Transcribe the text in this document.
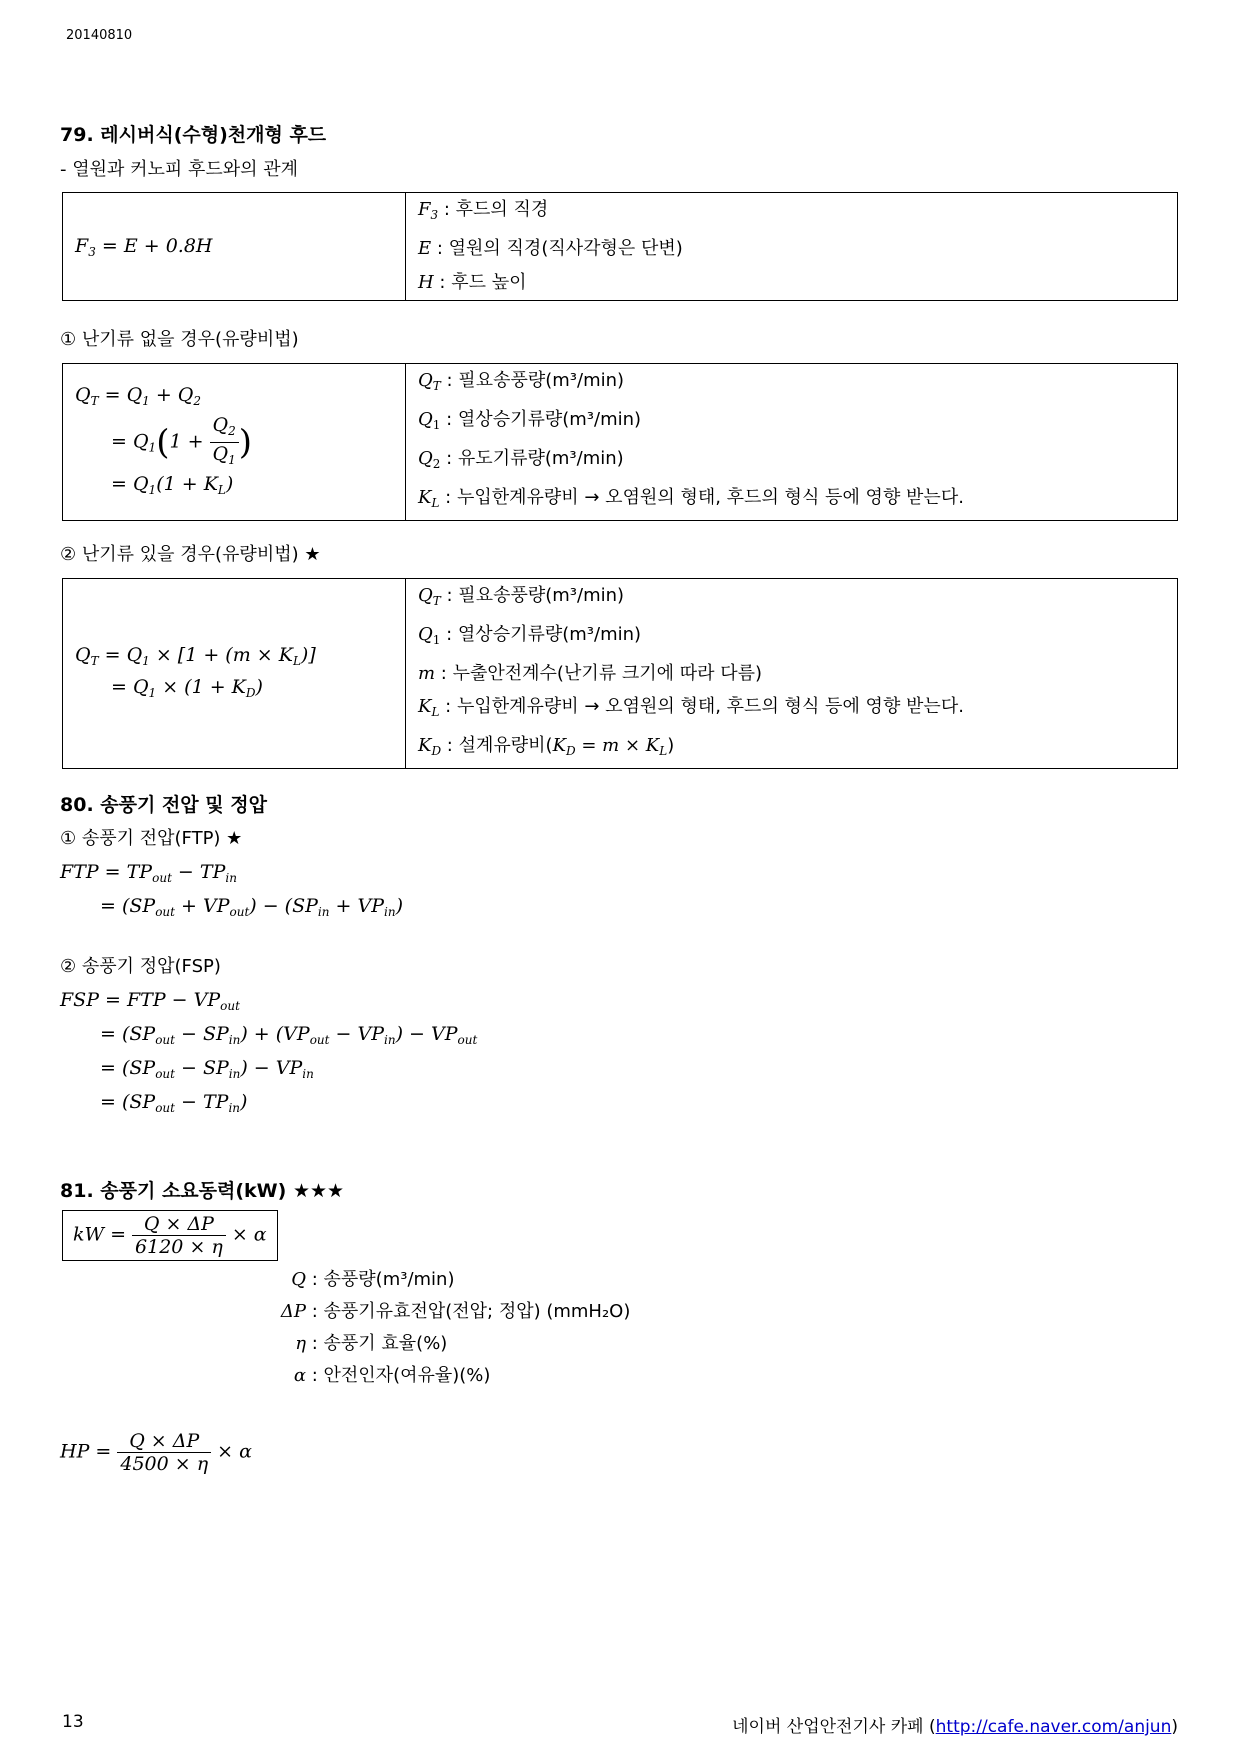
20140810
79. 레시버식(수형)천개형 후드
- 열원과 커노피 후드와의 관계
$F_3 = E + 0.8H$	
$F_3$ : 후드의 직경
E : 열원의 직경(직사각형은 단변)
H : 후드 높이
① 난기류 없을 경우(유량비법)
$Q_T = Q_1 + Q_2$
= $Q_1(1 + \frac{Q_2}{Q_1}$ )
= $Q_1(1 + K_L)$

$Q_T$ : 필요송풍량(m³/min)
$Q_1$ : 열상승기류량(m³/min)
$Q_2$ : 유도기류량(m³/min)
$K_L$ : 누입한계유량비 → 오염원의 형태, 후드의 형식 등에 영향 받는다.
② 난기류 있을 경우(유량비법) ★
$Q_T = Q_1 \times [1 + (m \times K_L)]$
= $Q_1 \times (1 + K_D)$

$Q_T$ : 필요송풍량(m³/min)
$Q_1$ : 열상승기류량(m³/min)
m : 누출안전계수(난기류 크기에 따라 다름)
$K_L$ : 누입한계유량비 → 오염원의 형태, 후드의 형식 등에 영향 받는다.
$K_D$ : 설계유량비$(K_D = m \times K_L)$
80. 송풍기 전압 및 정압
① 송풍기 전압(FTP) ★
FTP = $TP_{out} - TP_{in}$
= $(SP_{out} + VP_{out}) - (SP_{in} + VP_{in})$
② 송풍기 정압(FSP)
FSP = FTP − $VP_{out}$
= $(SP_{out} - SP_{in}) + (VP_{out} - VP_{in}) - VP_{out}$
= $(SP_{out} - SP_{in}) - VP_{in}$
= $(SP_{out} - TP_{in})$
81. 송풍기 소요동력(kW) ★★★
kW = $\frac{Q \times \Delta P}{6120 \times \eta} \times \alpha$
Q : 송풍량(m³/min)
ΔP : 송풍기유효전압(전압; 정압) (mmH₂O)
η : 송풍기 효율(%)
α : 안전인자(여유율)(%)
HP = $\frac{Q \times \Delta P}{4500 \times \eta} \times \alpha$
13	네이버 산업안전기사 카페 (http://cafe.naver.com/anjun)
